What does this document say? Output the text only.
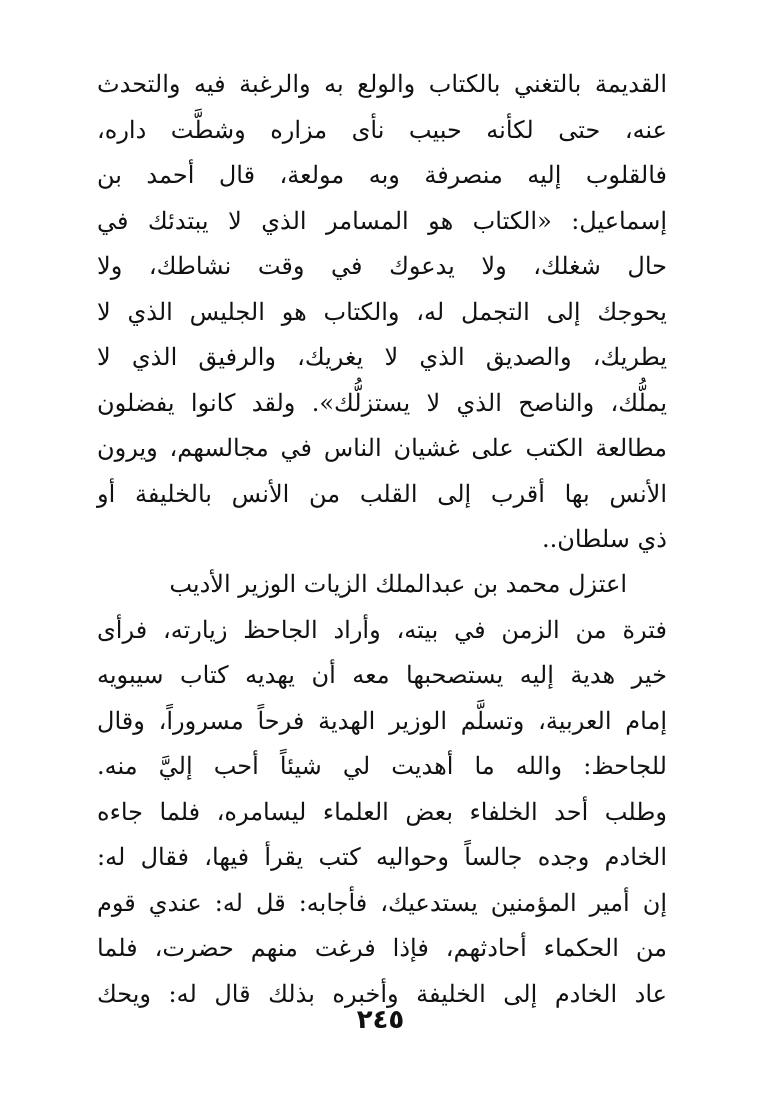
القديمة بالتغني بالكتاب والولع به والرغبة فيه والتحدث
عنه، حتى لكأنه حبيب نأى مزاره وشطَّت داره،
فالقلوب إليه منصرفة وبه مولعة، قال أحمد بن
إسماعيل: «الكتاب هو المسامر الذي لا يبتدئك في
حال شغلك، ولا يدعوك في وقت نشاطك، ولا
يحوجك إلى التجمل له، والكتاب هو الجليس الذي لا
يطريك، والصديق الذي لا يغريك، والرفيق الذي لا
يملُّك، والناصح الذي لا يستزلُّك». ولقد كانوا يفضلون
مطالعة الكتب على غشيان الناس في مجالسهم، ويرون
الأنس بها أقرب إلى القلب من الأنس بالخليفة أو
ذي سلطان..
اعتزل محمد بن عبدالملك الزيات الوزير الأديب
فترة من الزمن في بيته، وأراد الجاحظ زيارته، فرأى
خير هدية إليه يستصحبها معه أن يهديه كتاب سيبويه
إمام العربية، وتسلَّم الوزير الهدية فرحاً مسروراً، وقال
للجاحظ: والله ما أهديت لي شيئاً أحب إليَّ منه.
وطلب أحد الخلفاء بعض العلماء ليسامره، فلما جاءه
الخادم وجده جالساً وحواليه كتب يقرأ فيها، فقال له:
إن أمير المؤمنين يستدعيك، فأجابه: قل له: عندي قوم
من الحكماء أحادثهم، فإذا فرغت منهم حضرت، فلما
عاد الخادم إلى الخليفة وأخبره بذلك قال له: ويحك
٢٤٥
